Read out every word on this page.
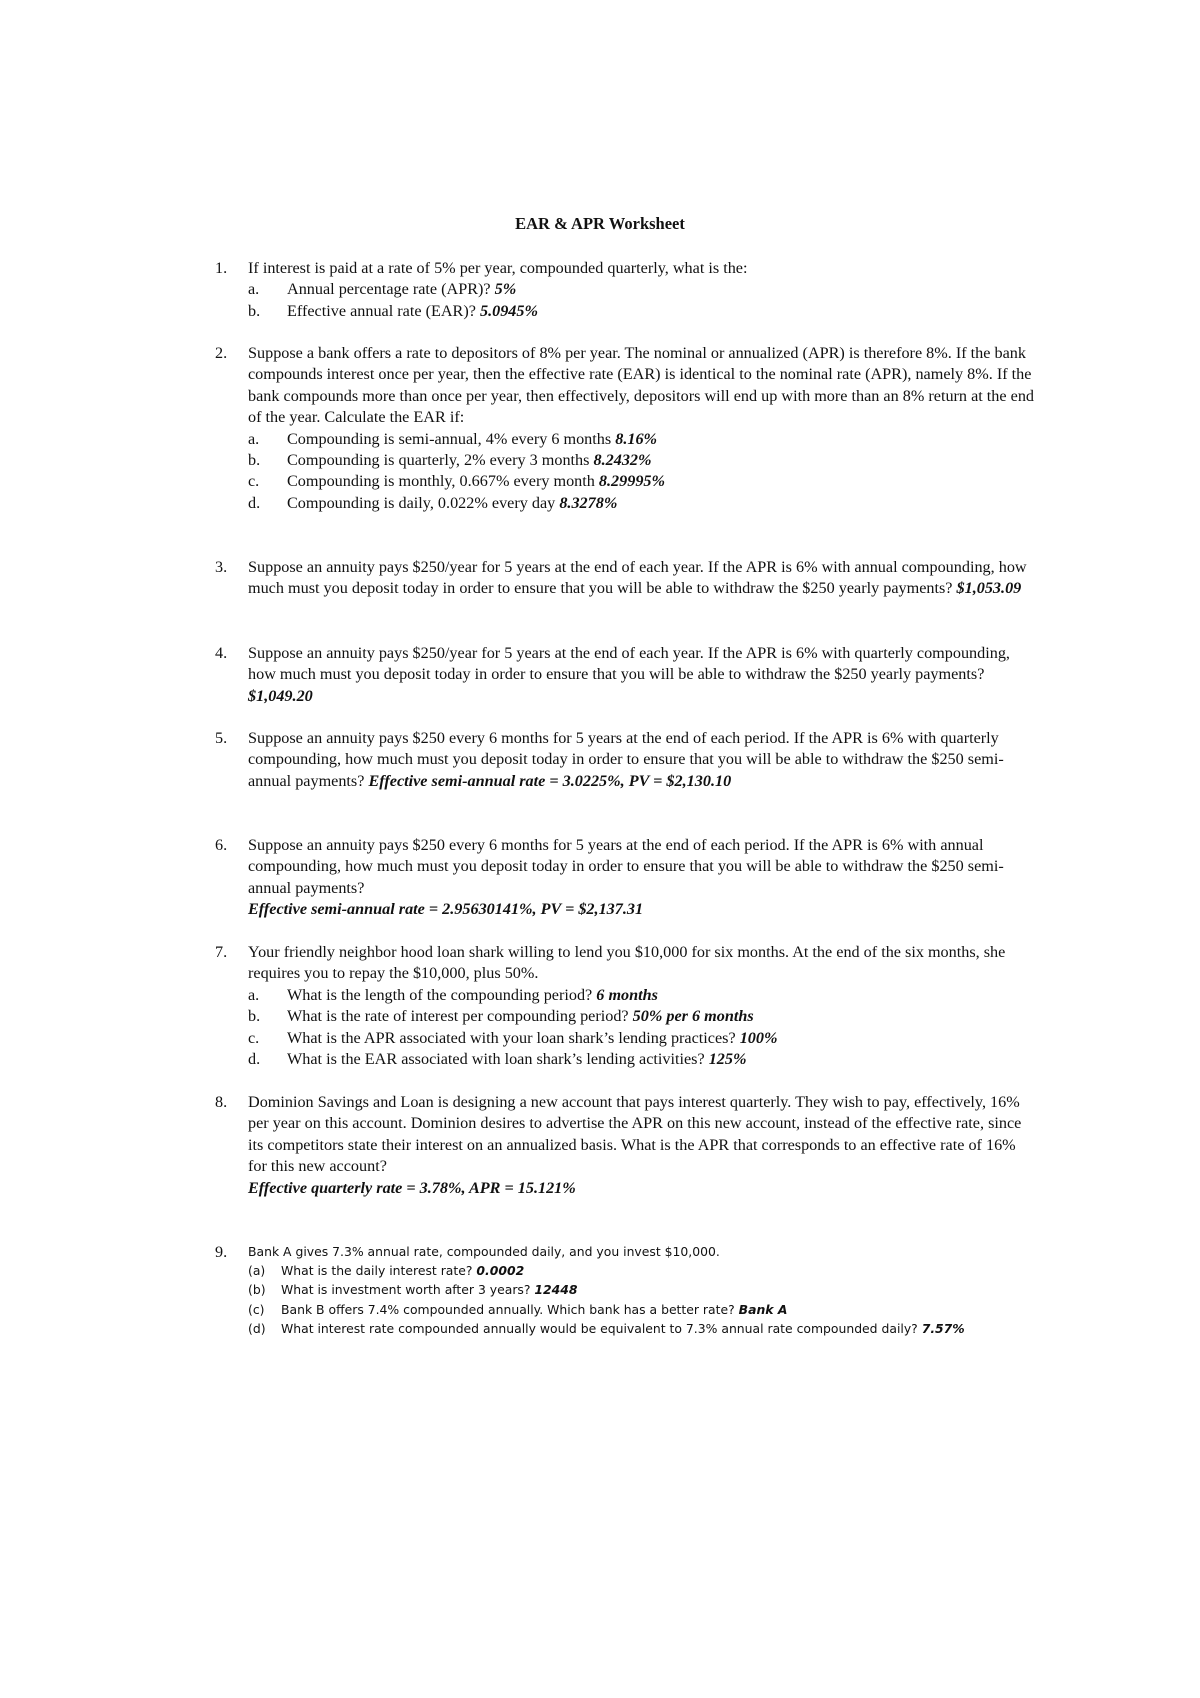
EAR & APR Worksheet
1.	If interest is paid at a rate of 5% per year, compounded quarterly, what is the:
a. Annual percentage rate (APR)? 5%
b. Effective annual rate (EAR)? 5.0945%
2.	Suppose a bank offers a rate to depositors of 8% per year. The nominal or annualized (APR) is therefore 8%. If the bank compounds interest once per year, then the effective rate (EAR) is identical to the nominal rate (APR), namely 8%. If the bank compounds more than once per year, then effectively, depositors will end up with more than an 8% return at the end of the year. Calculate the EAR if:
a. Compounding is semi-annual, 4% every 6 months 8.16%
b. Compounding is quarterly, 2% every 3 months 8.2432%
c. Compounding is monthly, 0.667% every month 8.29995%
d. Compounding is daily, 0.022% every day 8.3278%
3.	Suppose an annuity pays $250/year for 5 years at the end of each year. If the APR is 6% with annual compounding, how much must you deposit today in order to ensure that you will be able to withdraw the $250 yearly payments? $1,053.09
4.	Suppose an annuity pays $250/year for 5 years at the end of each year. If the APR is 6% with quarterly compounding, how much must you deposit today in order to ensure that you will be able to withdraw the $250 yearly payments? $1,049.20
5.	Suppose an annuity pays $250 every 6 months for 5 years at the end of each period. If the APR is 6% with quarterly compounding, how much must you deposit today in order to ensure that you will be able to withdraw the $250 semi-annual payments? Effective semi-annual rate = 3.0225%, PV = $2,130.10
6.	Suppose an annuity pays $250 every 6 months for 5 years at the end of each period. If the APR is 6% with annual compounding, how much must you deposit today in order to ensure that you will be able to withdraw the $250 semi-annual payments?
Effective semi-annual rate = 2.95630141%, PV = $2,137.31
7.	Your friendly neighbor hood loan shark willing to lend you $10,000 for six months. At the end of the six months, she requires you to repay the $10,000, plus 50%.
a. What is the length of the compounding period? 6 months
b. What is the rate of interest per compounding period? 50% per 6 months
c. What is the APR associated with your loan shark’s lending practices? 100%
d. What is the EAR associated with loan shark’s lending activities? 125%
8.	Dominion Savings and Loan is designing a new account that pays interest quarterly. They wish to pay, effectively, 16% per year on this account. Dominion desires to advertise the APR on this new account, instead of the effective rate, since its competitors state their interest on an annualized basis. What is the APR that corresponds to an effective rate of 16% for this new account?
Effective quarterly rate = 3.78%, APR = 15.121%
9.	Bank A gives 7.3% annual rate, compounded daily, and you invest $10,000.
(a) What is the daily interest rate? 0.0002
(b) What is investment worth after 3 years? 12448
(c) Bank B offers 7.4% compounded annually. Which bank has a better rate? Bank A
(d) What interest rate compounded annually would be equivalent to 7.3% annual rate compounded daily? 7.57%
